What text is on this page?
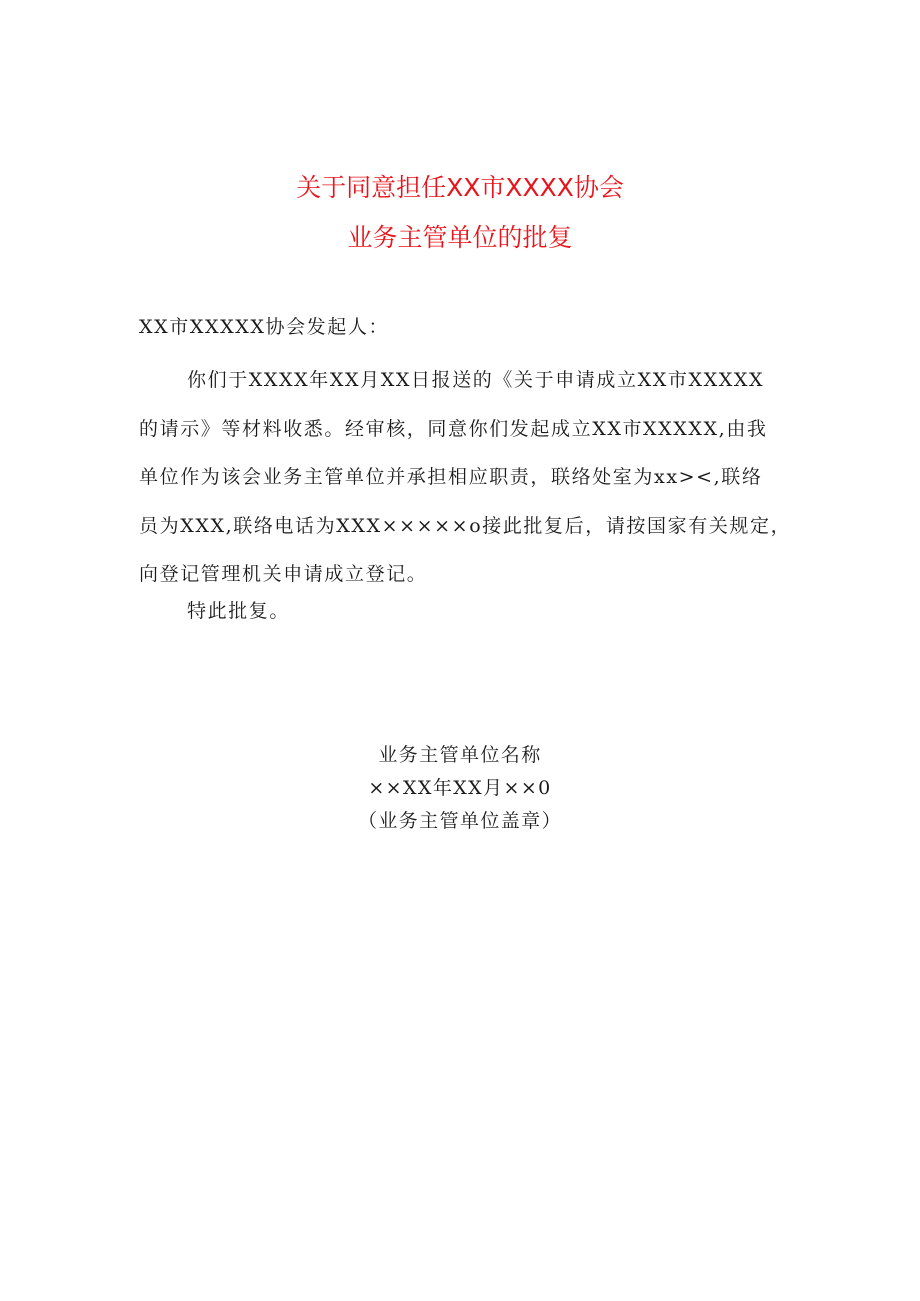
关于同意担任XX市XXXX协会
业务主管单位的批复
XX市XXXXX协会发起人：
你们于XXXX年XX月XX日报送的《关于申请成立XX市XXXXX
的请示》等材料收悉。经审核，同意你们发起成立XX市XXXXX,由我
单位作为该会业务主管单位并承担相应职责，联络处室为xx><,联络
员为XXX,联络电话为XXX×××××o接此批复后，请按国家有关规定，
向登记管理机关申请成立登记。
特此批复。
业务主管单位名称
××XX年XX月××0
（业务主管单位盖章）
